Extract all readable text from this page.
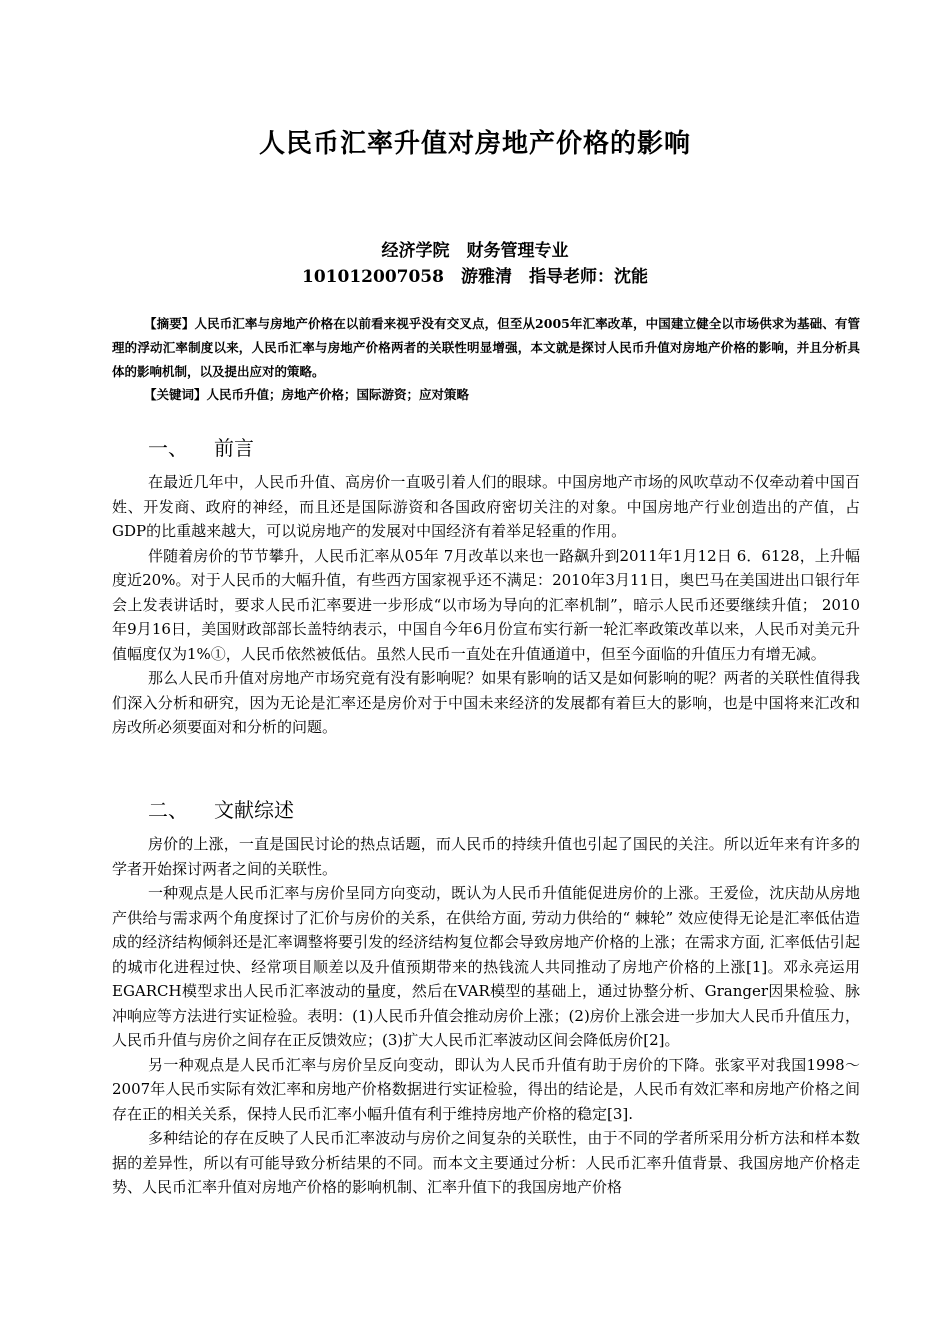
人民币汇率升值对房地产价格的影响
经济学院　财务管理专业
101012007058　游雅清　指导老师：沈能
【摘要】人民币汇率与房地产价格在以前看来视乎没有交叉点，但至从2005年汇率改革，中国建立健全以市场供求为基础、有管理的浮动汇率制度以来，人民币汇率与房地产价格两者的关联性明显增强，本文就是探讨人民币升值对房地产价格的影响，并且分析具体的影响机制，以及提出应对的策略。
【关键词】人民币升值；房地产价格；国际游资；应对策略
一、 前言

在最近几年中，人民币升值、高房价一直吸引着人们的眼球。中国房地产市场的风吹草动不仅牵动着中国百姓、开发商、政府的神经，而且还是国际游资和各国政府密切关注的对象。中国房地产行业创造出的产值，占GDP的比重越来越大，可以说房地产的发展对中国经济有着举足轻重的作用。

伴随着房价的节节攀升，人民币汇率从05年 7月改革以来也一路飙升到2011年1月12日 6．6128，上升幅度近20%。对于人民币的大幅升值，有些西方国家视乎还不满足：2010年3月11日，奥巴马在美国进出口银行年会上发表讲话时，要求人民币汇率要进一步形成“以市场为导向的汇率机制”，暗示人民币还要继续升值； 2010年9月16日，美国财政部部长盖特纳表示，中国自今年6月份宣布实行新一轮汇率政策改革以来，人民币对美元升值幅度仅为1%①，人民币依然被低估。虽然人民币一直处在升值通道中，但至今面临的升值压力有增无减。

那么人民币升值对房地产市场究竟有没有影响呢？如果有影响的话又是如何影响的呢？两者的关联性值得我们深入分析和研究，因为无论是汇率还是房价对于中国未来经济的发展都有着巨大的影响，也是中国将来汇改和房改所必须要面对和分析的问题。

二、 文献综述

房价的上涨，一直是国民讨论的热点话题，而人民币的持续升值也引起了国民的关注。所以近年来有许多的学者开始探讨两者之间的关联性。

一种观点是人民币汇率与房价呈同方向变动，既认为人民币升值能促进房价的上涨。王爱俭，沈庆劼从房地产供给与需求两个角度探讨了汇价与房价的关系，在供给方面, 劳动力供给的“ 棘轮” 效应使得无论是汇率低估造成的经济结构倾斜还是汇率调整将要引发的经济结构复位都会导致房地产价格的上涨；在需求方面, 汇率低估引起的城市化进程过快、经常项目顺差以及升值预期带来的热钱流人共同推动了房地产价格的上涨[1]。邓永亮运用EGARCH模型求出人民币汇率波动的量度，然后在VAR模型的基础上，通过协整分析、Granger因果检验、脉冲响应等方法进行实证检验。表明：(1)人民币升值会推动房价上涨；(2)房价上涨会进一步加大人民币升值压力，人民币升值与房价之间存在正反馈效应；(3)扩大人民币汇率波动区间会降低房价[2]。

另一种观点是人民币汇率与房价呈反向变动，即认为人民币升值有助于房价的下降。张家平对我国1998～2007年人民币实际有效汇率和房地产价格数据进行实证检验，得出的结论是，人民币有效汇率和房地产价格之间存在正的相关关系，保持人民币汇率小幅升值有利于维持房地产价格的稳定[3].

多种结论的存在反映了人民币汇率波动与房价之间复杂的关联性，由于不同的学者所采用分析方法和样本数据的差异性，所以有可能导致分析结果的不同。而本文主要通过分析：人民币汇率升值背景、我国房地产价格走势、人民币汇率升值对房地产价格的影响机制、汇率升值下的我国房地产价格
